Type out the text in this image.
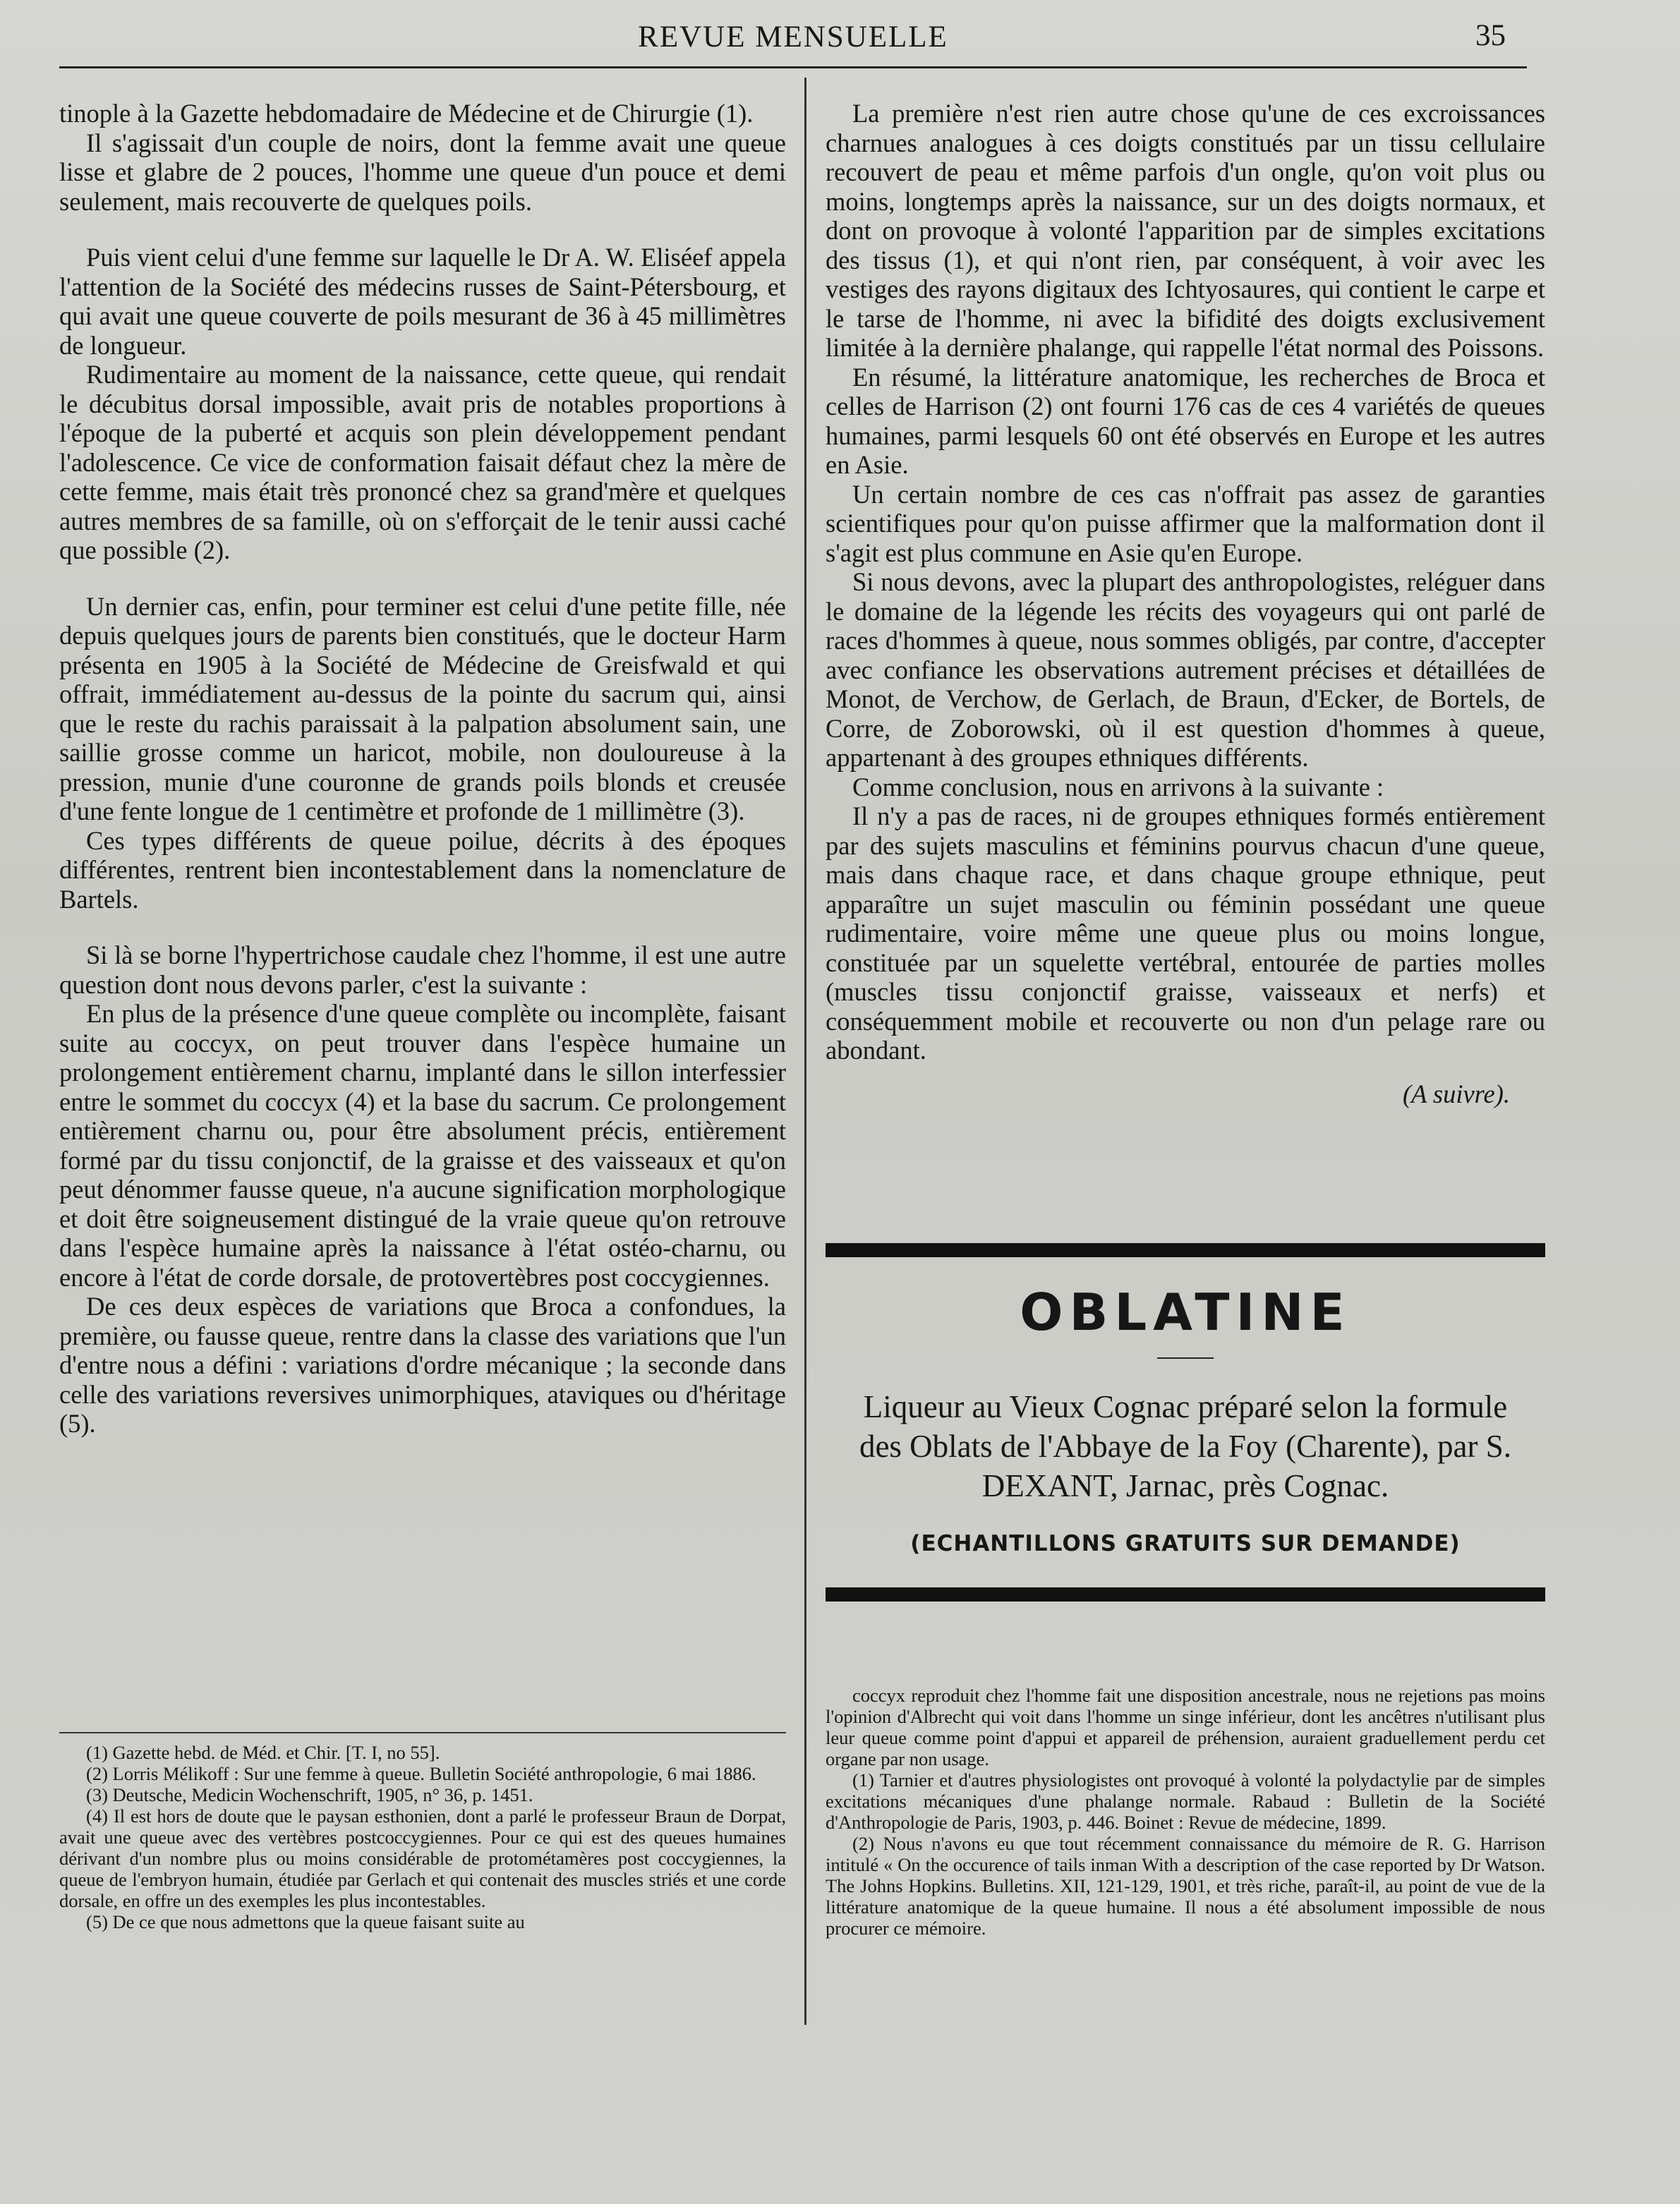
REVUE MENSUELLE	35

tinople à la Gazette hebdomadaire de Médecine et de Chirurgie (1).

Il s'agissait d'un couple de noirs, dont la femme avait une queue lisse et glabre de 2 pouces, l'homme une queue d'un pouce et demi seulement, mais recouverte de quelques poils.

Puis vient celui d'une femme sur laquelle le Dr A. W. Eliséef appela l'attention de la Société des médecins russes de Saint-Pétersbourg, et qui avait une queue couverte de poils mesurant de 36 à 45 millimètres de longueur.

Rudimentaire au moment de la naissance, cette queue, qui rendait le décubitus dorsal impossible, avait pris de notables proportions à l'époque de la puberté et acquis son plein développement pendant l'adolescence. Ce vice de conformation faisait défaut chez la mère de cette femme, mais était très prononcé chez sa grand'mère et quelques autres membres de sa famille, où on s'efforçait de le tenir aussi caché que possible (2).

Un dernier cas, enfin, pour terminer est celui d'une petite fille, née depuis quelques jours de parents bien constitués, que le docteur Harm présenta en 1905 à la Société de Médecine de Greisfwald et qui offrait, immédiatement au-dessus de la pointe du sacrum qui, ainsi que le reste du rachis paraissait à la palpation absolument sain, une saillie grosse comme un haricot, mobile, non douloureuse à la pression, munie d'une couronne de grands poils blonds et creusée d'une fente longue de 1 centimètre et profonde de 1 millimètre (3).

Ces types différents de queue poilue, décrits à des époques différentes, rentrent bien incontestablement dans la nomenclature de Bartels.

Si là se borne l'hypertrichose caudale chez l'homme, il est une autre question dont nous devons parler, c'est la suivante :

En plus de la présence d'une queue complète ou incomplète, faisant suite au coccyx, on peut trouver dans l'espèce humaine un prolongement entièrement charnu, implanté dans le sillon interfessier entre le sommet du coccyx (4) et la base du sacrum. Ce prolongement entièrement charnu ou, pour être absolument précis, entièrement formé par du tissu conjonctif, de la graisse et des vaisseaux et qu'on peut dénommer fausse queue, n'a aucune signification morphologique et doit être soigneusement distingué de la vraie queue qu'on retrouve dans l'espèce humaine après la naissance à l'état ostéo-charnu, ou encore à l'état de corde dorsale, de protovertèbres post coccygiennes.

De ces deux espèces de variations que Broca a confondues, la première, ou fausse queue, rentre dans la classe des variations que l'un d'entre nous a défini : variations d'ordre mécanique ; la seconde dans celle des variations reversives unimorphiques, ataviques ou d'héritage (5).

(1) Gazette hebd. de Méd. et Chir. [T. I, no 55].

(2) Lorris Mélikoff : Sur une femme à queue. Bulletin Société anthropologie, 6 mai 1886.

(3) Deutsche, Medicin Wochenschrift, 1905, n° 36, p. 1451.

(4) Il est hors de doute que le paysan esthonien, dont a parlé le professeur Braun de Dorpat, avait une queue avec des vertèbres postcoccygiennes. Pour ce qui est des queues humaines dérivant d'un nombre plus ou moins considérable de protométamères post coccygiennes, la queue de l'embryon humain, étudiée par Gerlach et qui contenait des muscles striés et une corde dorsale, en offre un des exemples les plus incontestables.

(5) De ce que nous admettons que la queue faisant suite au

La première n'est rien autre chose qu'une de ces excroissances charnues analogues à ces doigts constitués par un tissu cellulaire recouvert de peau et même parfois d'un ongle, qu'on voit plus ou moins, longtemps après la naissance, sur un des doigts normaux, et dont on provoque à volonté l'apparition par de simples excitations des tissus (1), et qui n'ont rien, par conséquent, à voir avec les vestiges des rayons digitaux des Ichtyosaures, qui contient le carpe et le tarse de l'homme, ni avec la bifidité des doigts exclusivement limitée à la dernière phalange, qui rappelle l'état normal des Poissons.

En résumé, la littérature anatomique, les recherches de Broca et celles de Harrison (2) ont fourni 176 cas de ces 4 variétés de queues humaines, parmi lesquels 60 ont été observés en Europe et les autres en Asie.

Un certain nombre de ces cas n'offrait pas assez de garanties scientifiques pour qu'on puisse affirmer que la malformation dont il s'agit est plus commune en Asie qu'en Europe.

Si nous devons, avec la plupart des anthropologistes, reléguer dans le domaine de la légende les récits des voyageurs qui ont parlé de races d'hommes à queue, nous sommes obligés, par contre, d'accepter avec confiance les observations autrement précises et détaillées de Monot, de Verchow, de Gerlach, de Braun, d'Ecker, de Bortels, de Corre, de Zoborowski, où il est question d'hommes à queue, appartenant à des groupes ethniques différents.

Comme conclusion, nous en arrivons à la suivante :

Il n'y a pas de races, ni de groupes ethniques formés entièrement par des sujets masculins et féminins pourvus chacun d'une queue, mais dans chaque race, et dans chaque groupe ethnique, peut apparaître un sujet masculin ou féminin possédant une queue rudimentaire, voire même une queue plus ou moins longue, constituée par un squelette vertébral, entourée de parties molles (muscles tissu conjonctif graisse, vaisseaux et nerfs) et conséquemment mobile et recouverte ou non d'un pelage rare ou abondant.

(A suivre).

OBLATINE
Liqueur au Vieux Cognac préparé selon la formule des Oblats de l'Abbaye de la Foy (Charente), par S. DEXANT, Jarnac, près Cognac.
(ECHANTILLONS GRATUITS SUR DEMANDE)

coccyx reproduit chez l'homme fait une disposition ancestrale, nous ne rejetions pas moins l'opinion d'Albrecht qui voit dans l'homme un singe inférieur, dont les ancêtres n'utilisant plus leur queue comme point d'appui et appareil de préhension, auraient graduellement perdu cet organe par non usage.

(1) Tarnier et d'autres physiologistes ont provoqué à volonté la polydactylie par de simples excitations mécaniques d'une phalange normale. Rabaud : Bulletin de la Société d'Anthropologie de Paris, 1903, p. 446. Boinet : Revue de médecine, 1899.

(2) Nous n'avons eu que tout récemment connaissance du mémoire de R. G. Harrison intitulé « On the occurence of tails inman With a description of the case reported by Dr Watson. The Johns Hopkins. Bulletins. XII, 121-129, 1901, et très riche, paraît-il, au point de vue de la littérature anatomique de la queue humaine. Il nous a été absolument impossible de nous procurer ce mémoire.
